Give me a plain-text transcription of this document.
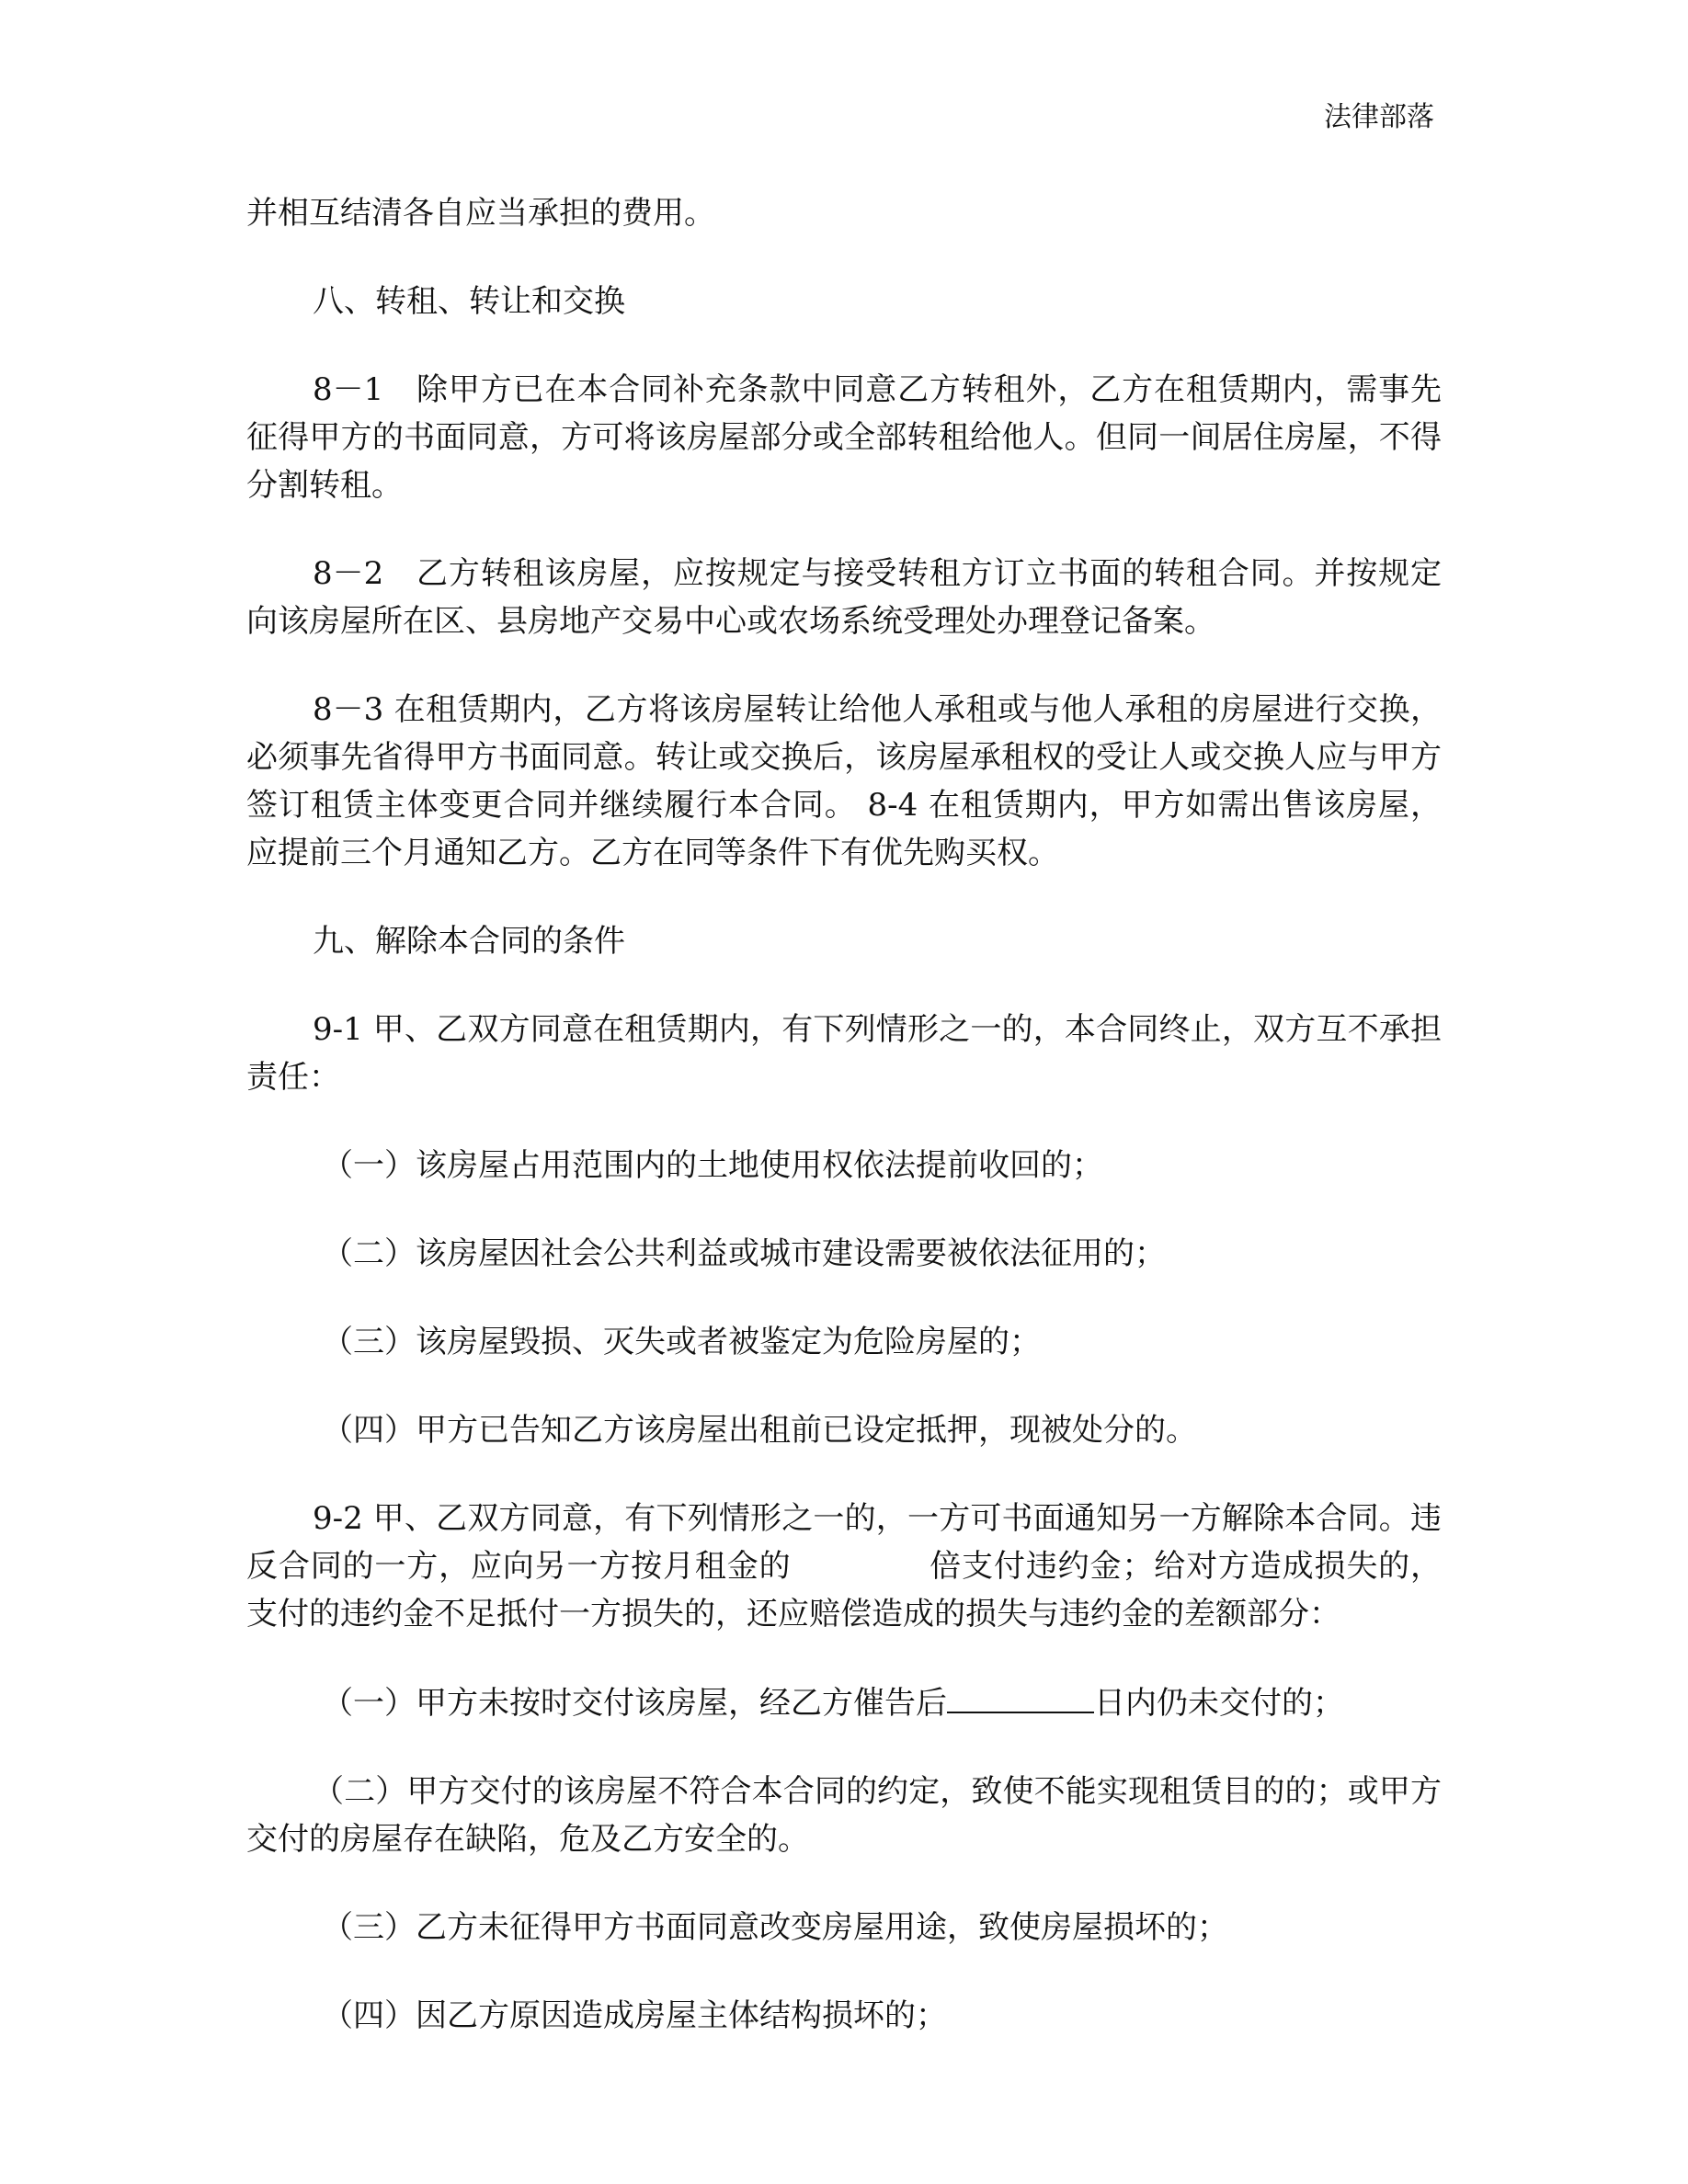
法律部落

并相互结清各自应当承担的费用。

八、转租、转让和交换

8－1　除甲方已在本合同补充条款中同意乙方转租外，乙方在租赁期内，需事先征得甲方的书面同意，方可将该房屋部分或全部转租给他人。但同一间居住房屋，不得分割转租。

8－2　乙方转租该房屋，应按规定与接受转租方订立书面的转租合同。并按规定向该房屋所在区、县房地产交易中心或农场系统受理处办理登记备案。

8－3 在租赁期内，乙方将该房屋转让给他人承租或与他人承租的房屋进行交换，必须事先省得甲方书面同意。转让或交换后，该房屋承租权的受让人或交换人应与甲方签订租赁主体变更合同并继续履行本合同。 8-4 在租赁期内，甲方如需出售该房屋，应提前三个月通知乙方。乙方在同等条件下有优先购买权。

九、解除本合同的条件

9-1 甲、乙双方同意在租赁期内，有下列情形之一的，本合同终止，双方互不承担责任：

（一）该房屋占用范围内的土地使用权依法提前收回的；

（二）该房屋因社会公共利益或城市建设需要被依法征用的；

（三）该房屋毁损、灭失或者被鉴定为危险房屋的；

（四）甲方已告知乙方该房屋出租前已设定抵押，现被处分的。

9-2 甲、乙双方同意，有下列情形之一的，一方可书面通知另一方解除本合同。违反合同的一方，应向另一方按月租金的	倍支付违约金；给对方造成损失的，支付的违约金不足抵付一方损失的，还应赔偿造成的损失与违约金的差额部分：

（一）甲方未按时交付该房屋，经乙方催告后	日内仍未交付的；

（二）甲方交付的该房屋不符合本合同的约定，致使不能实现租赁目的的；或甲方交付的房屋存在缺陷，危及乙方安全的。

（三）乙方未征得甲方书面同意改变房屋用途，致使房屋损坏的；

（四）因乙方原因造成房屋主体结构损坏的；
